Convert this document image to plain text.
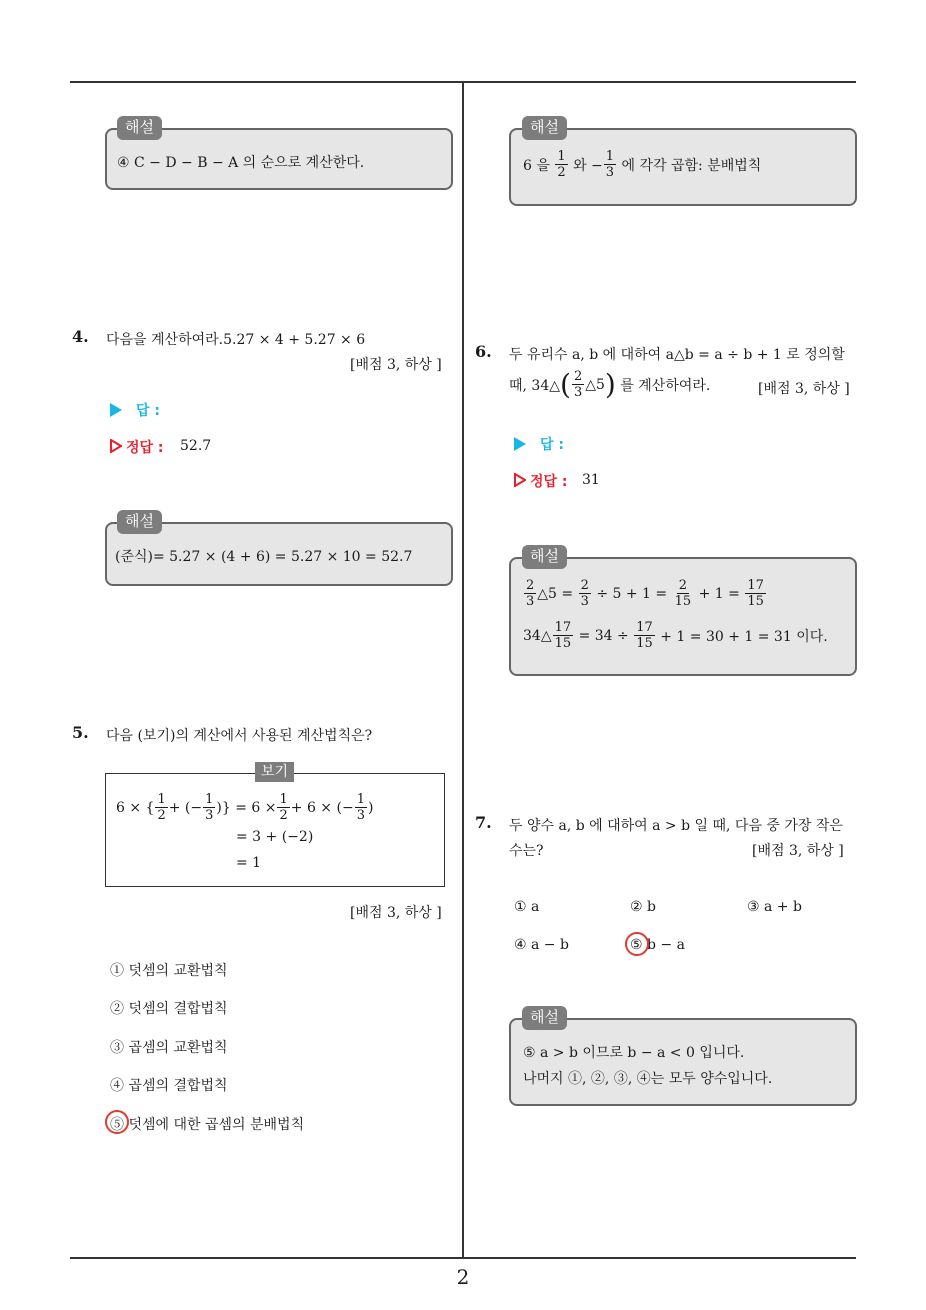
2
④ C − D − B − A 의 순으로 계산한다.
해설
4. 다음을 계산하여라.5.27 × 4 + 5.27 × 6
[배점 3, 하상 ]
답 :
정답 : 52.7
(준식)= 5.27 × (4 + 6) = 5.27 × 10 = 52.7
해설
5. 다음 (보기)의 계산에서 사용된 계산법칙은?
보기
6 × { $\frac{1}{2}$ + (− $\frac{1}{3}$ )} = $6 \times \frac{1}{2} + 6$ × (− $\frac{1}{3}$ )
= 3 + (−2)
= 1
[배점 3, 하상 ]
① 덧셈의 교환법칙
② 덧셈의 결합법칙
③ 곱셈의 교환법칙
④ 곱셈의 결합법칙
⑤ 덧셈에 대한 곱셈의 분배법칙
6 을
$\frac{1}{2}$
와 − $\frac{1}{3}$
에 각각 곱함: 분배법칙
해설
6. 두 유리수 a, b 에 대하여 a△b = a ÷ b + 1 로 정의할
때, 34△ ( $\frac{2}{3}$ △5 )
를 계산하여라.	[배점 3, 하상 ]
답 :
정답 : 31
$\frac{2}{3}$ △5 =
$\frac{2}{3}$
÷ 5 + 1 =
$\frac{2}{15}$
+ 1 =
$\frac{17}{15}$
34△ $\frac{17}{15}$
= 34 ÷
$\frac{17}{15}$
+ 1 = 30 + 1 = 31 이다.
해설
7. 두 양수 a, b 에 대하여 a > b 일 때, 다음 중 가장 작은
수는?	[배점 3, 하상 ]
① a	② b	③ a + b
④ a − b	⑤ b − a
⑤ a > b 이므로 b − a < 0 입니다.
나머지 ①, ②, ③, ④는 모두 양수입니다.
해설
